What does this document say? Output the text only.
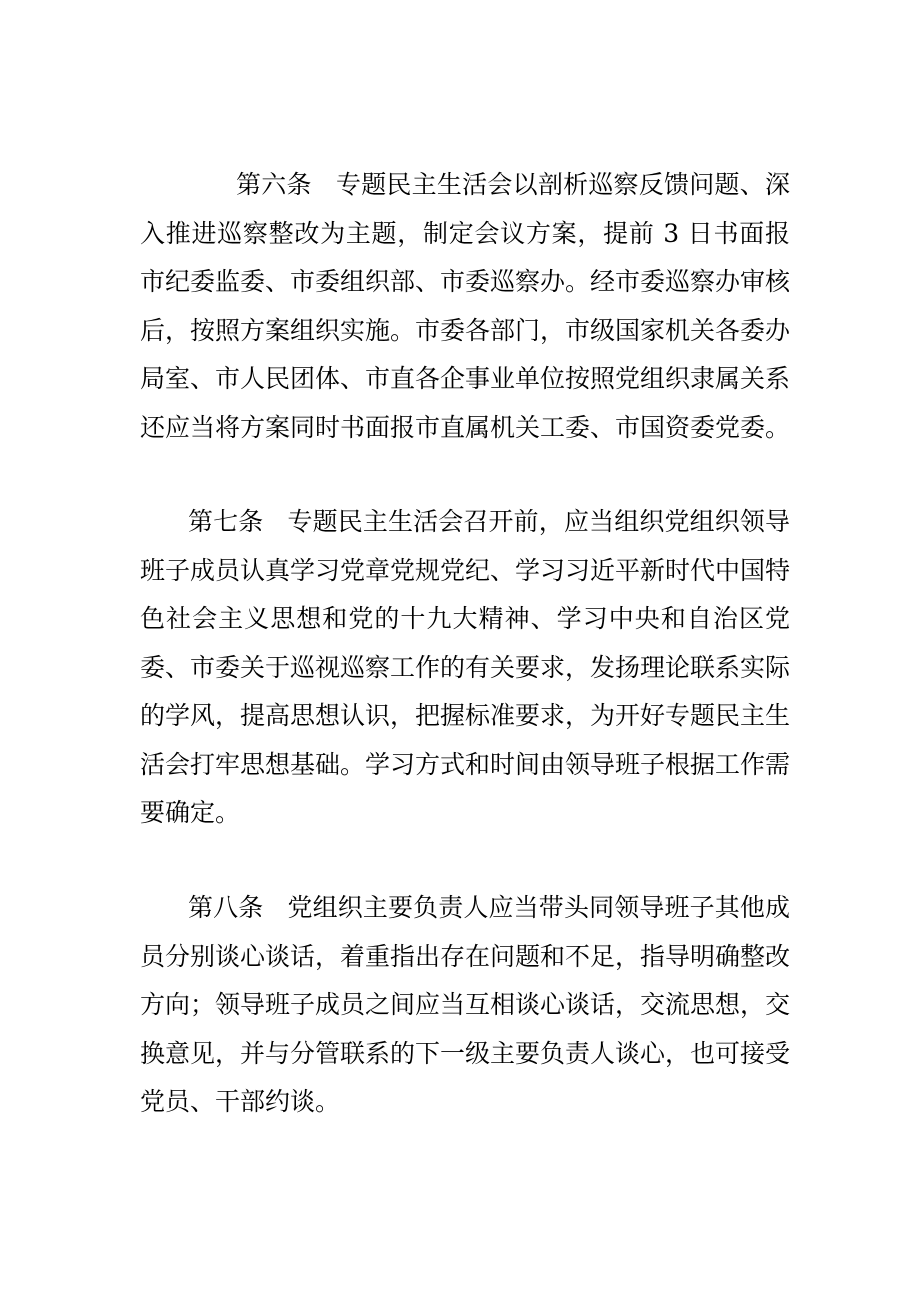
第六条 专题民主生活会以剖析巡察反馈问题、深入推进巡察整改为主题，制定会议方案，提前 3 日书面报市纪委监委、市委组织部、市委巡察办。经市委巡察办审核后，按照方案组织实施。市委各部门，市级国家机关各委办局室、市人民团体、市直各企事业单位按照党组织隶属关系还应当将方案同时书面报市直属机关工委、市国资委党委。

第七条 专题民主生活会召开前，应当组织党组织领导班子成员认真学习党章党规党纪、学习习近平新时代中国特色社会主义思想和党的十九大精神、学习中央和自治区党委、市委关于巡视巡察工作的有关要求，发扬理论联系实际的学风，提高思想认识，把握标准要求，为开好专题民主生活会打牢思想基础。学习方式和时间由领导班子根据工作需要确定。

第八条 党组织主要负责人应当带头同领导班子其他成员分别谈心谈话，着重指出存在问题和不足，指导明确整改方向；领导班子成员之间应当互相谈心谈话，交流思想，交换意见，并与分管联系的下一级主要负责人谈心，也可接受党员、干部约谈。
